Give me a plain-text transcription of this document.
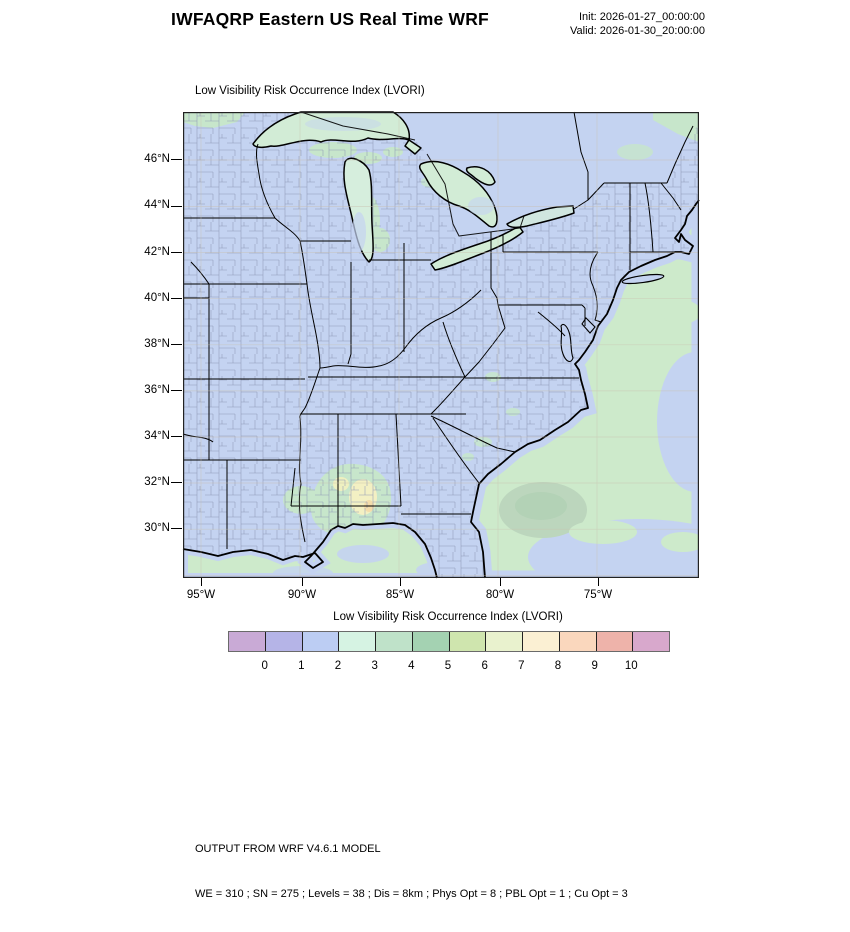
IWFAQRP Eastern US Real Time WRF	Init: 2026-01-27_00:00:00
Valid: 2026-01-30_20:00:00
Low Visibility Risk Occurrence Index (LVORI)
46°N
44°N
42°N
40°N
38°N
36°N
34°N
32°N
30°N
95°W	90°W	85°W	80°W	75°W
Low Visibility Risk Occurrence Index (LVORI)
0	1	2	3	4	5	6	7	8	9 10

OUTPUT FROM WRF V4.6.1 MODEL

WE = 310 ; SN = 275 ; Levels = 38 ; Dis = 8km ; Phys Opt = 8 ; PBL Opt = 1 ; Cu Opt = 3
